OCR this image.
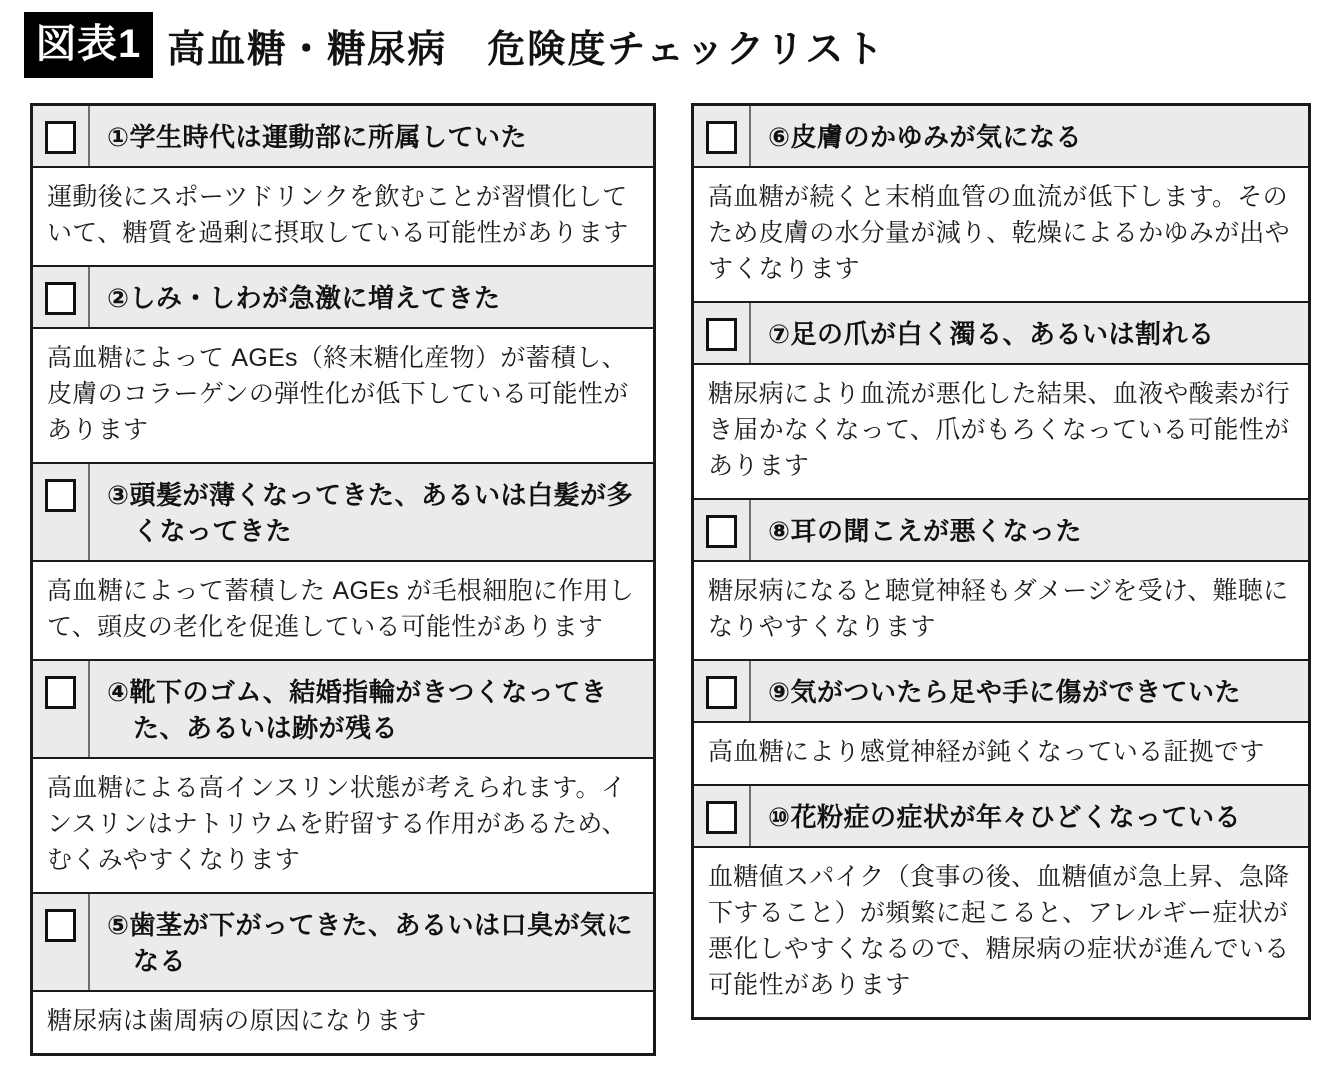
図表1 高血糖・糖尿病　危険度チェックリスト
①学生時代は運動部に所属していた
運動後にスポーツドリンクを飲むことが習慣化していて、糖質を過剰に摂取している可能性があります
②しみ・しわが急激に増えてきた
高血糖によって AGEs（終末糖化産物）が蓄積し、皮膚のコラーゲンの弾性化が低下している可能性があります
③頭髪が薄くなってきた、あるいは白髪が多くなってきた
高血糖によって蓄積した AGEs が毛根細胞に作用して、頭皮の老化を促進している可能性があります
④靴下のゴム、結婚指輪がきつくなってきた、あるいは跡が残る
高血糖による高インスリン状態が考えられます。インスリンはナトリウムを貯留する作用があるため、むくみやすくなります
⑤歯茎が下がってきた、あるいは口臭が気になる
糖尿病は歯周病の原因になります
⑥皮膚のかゆみが気になる
高血糖が続くと末梢血管の血流が低下します。そのため皮膚の水分量が減り、乾燥によるかゆみが出やすくなります
⑦足の爪が白く濁る、あるいは割れる
糖尿病により血流が悪化した結果、血液や酸素が行き届かなくなって、爪がもろくなっている可能性があります
⑧耳の聞こえが悪くなった
糖尿病になると聴覚神経もダメージを受け、難聴になりやすくなります
⑨気がついたら足や手に傷ができていた
高血糖により感覚神経が鈍くなっている証拠です
⑩花粉症の症状が年々ひどくなっている
血糖値スパイク（食事の後、血糖値が急上昇、急降下すること）が頻繁に起こると、アレルギー症状が悪化しやすくなるので、糖尿病の症状が進んでいる可能性があります
